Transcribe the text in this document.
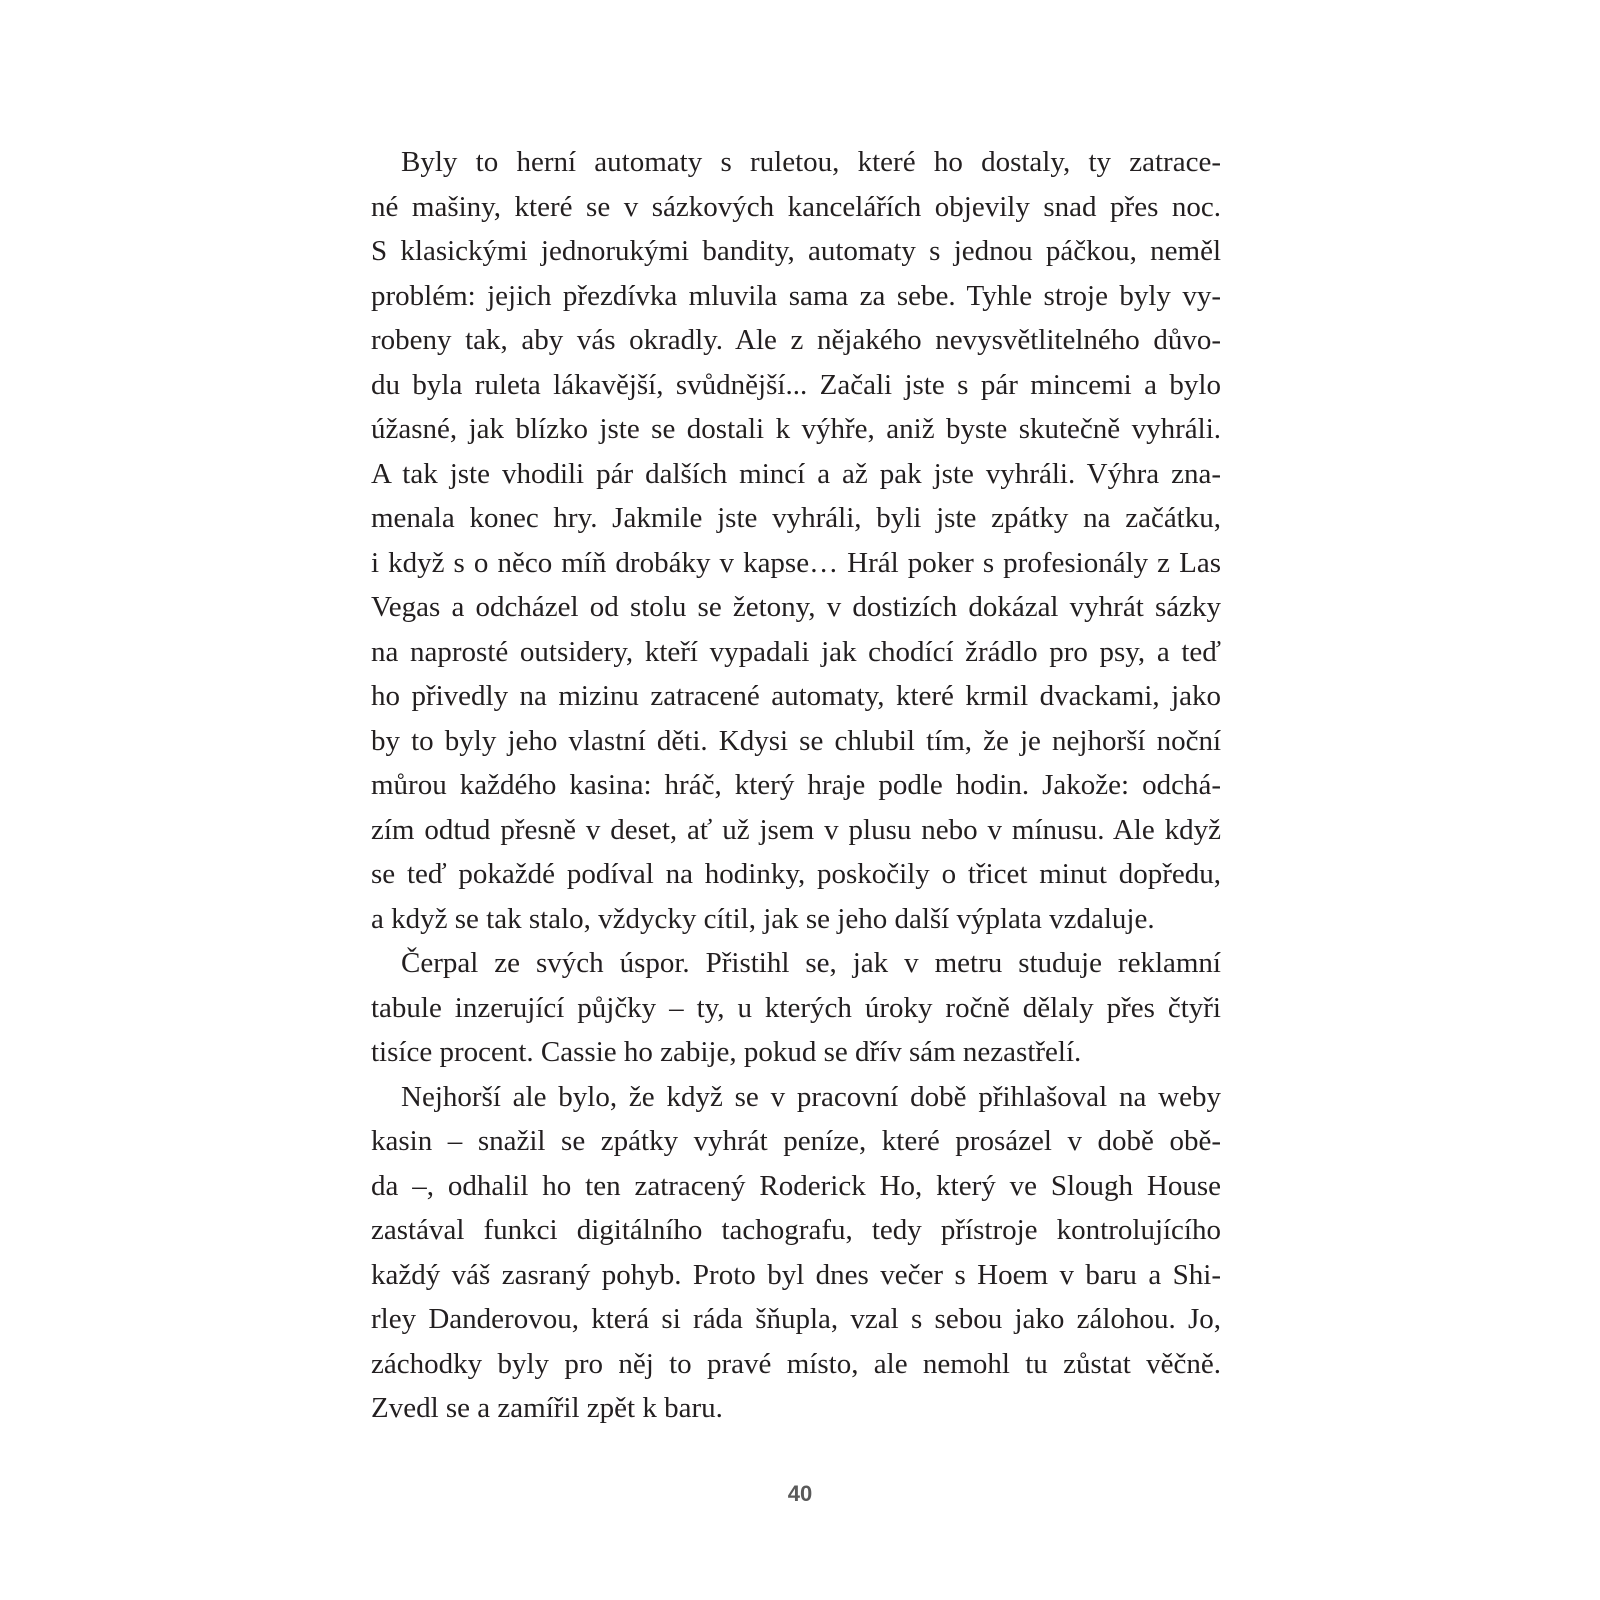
Byly to herní automaty s ruletou, které ho dostaly, ty zatrace-
né mašiny, které se v sázkových kancelářích objevily snad přes noc.
S klasickými jednorukými bandity, automaty s jednou páčkou, neměl
problém: jejich přezdívka mluvila sama za sebe. Tyhle stroje byly vy-
robeny tak, aby vás okradly. Ale z nějakého nevysvětlitelného důvo-
du byla ruleta lákavější, svůdnější... Začali jste s pár mincemi a bylo
úžasné, jak blízko jste se dostali k výhře, aniž byste skutečně vyhráli.
A tak jste vhodili pár dalších mincí a až pak jste vyhráli. Výhra zna-
menala konec hry. Jakmile jste vyhráli, byli jste zpátky na začátku,
i když s o něco míň drobáky v kapse… Hrál poker s profesionály z Las
Vegas a odcházel od stolu se žetony, v dostizích dokázal vyhrát sázky
na naprosté outsidery, kteří vypadali jak chodící žrádlo pro psy, a teď
ho přivedly na mizinu zatracené automaty, které krmil dvackami, jako
by to byly jeho vlastní děti. Kdysi se chlubil tím, že je nejhorší noční
můrou každého kasina: hráč, který hraje podle hodin. Jakože: odchá-
zím odtud přesně v deset, ať už jsem v plusu nebo v mínusu. Ale když
se teď pokaždé podíval na hodinky, poskočily o třicet minut dopředu,
a když se tak stalo, vždycky cítil, jak se jeho další výplata vzdaluje.
Čerpal ze svých úspor. Přistihl se, jak v metru studuje reklamní
tabule inzerující půjčky – ty, u kterých úroky ročně dělaly přes čtyři
tisíce procent. Cassie ho zabije, pokud se dřív sám nezastřelí.
Nejhorší ale bylo, že když se v pracovní době přihlašoval na weby
kasin – snažil se zpátky vyhrát peníze, které prosázel v době obě-
da –, odhalil ho ten zatracený Roderick Ho, který ve Slough House
zastával funkci digitálního tachografu, tedy přístroje kontrolujícího
každý váš zasraný pohyb. Proto byl dnes večer s Hoem v baru a Shi-
rley Danderovou, která si ráda šňupla, vzal s sebou jako zálohou. Jo,
záchodky byly pro něj to pravé místo, ale nemohl tu zůstat věčně.
Zvedl se a zamířil zpět k baru.
40
